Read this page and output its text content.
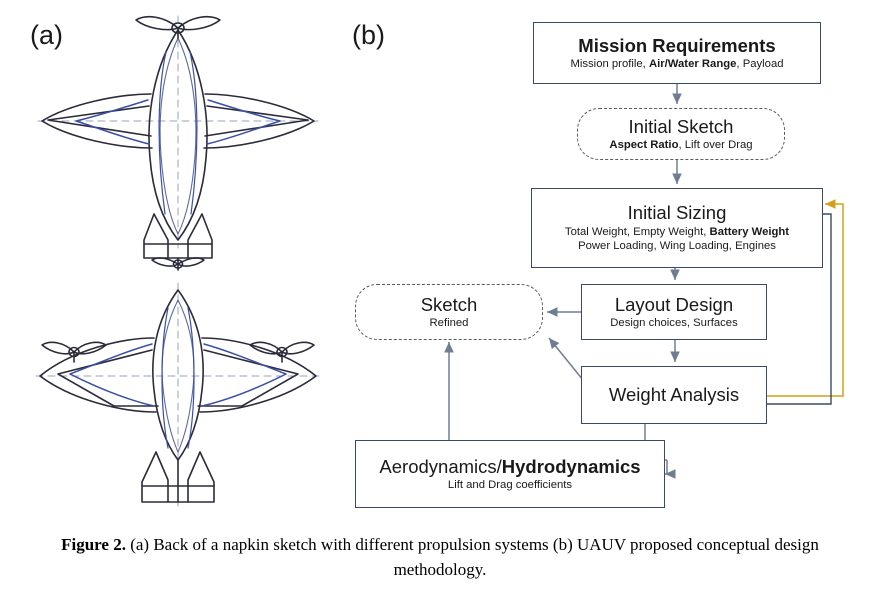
(a)	(b)	Mission Requirements
Mission profile, Air/Water Range, Payload
Initial Sketch
Aspect Ratio, Lift over Drag
Initial Sizing
Total Weight, Empty Weight, Battery Weight
Power Loading, Wing Loading, Engines
Layout Design
Design choices, Surfaces
Sketch
Refined
Weight Analysis
Aerodynamics/Hydrodynamics
Lift and Drag coefficients
Figure 2. (a) Back of a napkin sketch with different propulsion systems (b) UAUV proposed conceptual design methodology.
